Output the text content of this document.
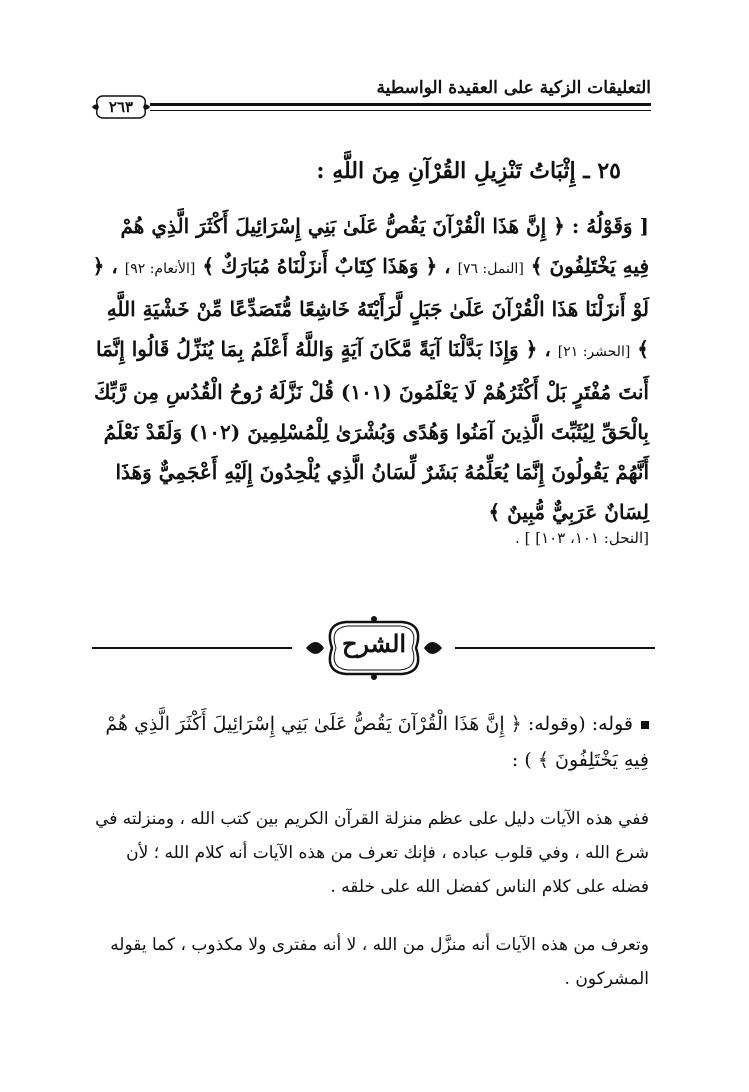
التعليقات الزكية على العقيدة الواسطية
٢٦٣
٢٥ ـ إِثْبَاتُ تَنْزِيلِ القُرْآنِ مِنَ اللَّهِ :
[ وَقَوْلُهُ : ﴿ إِنَّ هَذَا الْقُرْآنَ يَقُصُّ عَلَىٰ بَنِي إِسْرَائِيلَ أَكْثَرَ الَّذِي هُمْ فِيهِ يَخْتَلِفُونَ ﴾ [النمل: ٧٦] ، ﴿ وَهَذَا كِتَابٌ أَنزَلْنَاهُ مُبَارَكٌ ﴾ [الأنعام: ٩٢] ، ﴿ لَوْ أَنزَلْنَا هَذَا الْقُرْآنَ عَلَىٰ جَبَلٍ لَّرَأَيْتَهُ خَاشِعًا مُّتَصَدِّعًا مِّنْ خَشْيَةِ اللَّهِ ﴾ [الحشر: ٢١] ، ﴿ وَإِذَا بَدَّلْنَا آيَةً مَّكَانَ آيَةٍ وَاللَّهُ أَعْلَمُ بِمَا يُنَزِّلُ قَالُوا إِنَّمَا أَنتَ مُفْتَرٍ بَلْ أَكْثَرُهُمْ لَا يَعْلَمُونَ (١٠١) قُلْ نَزَّلَهُ رُوحُ الْقُدُسِ مِن رَّبِّكَ بِالْحَقِّ لِيُثَبِّتَ الَّذِينَ آمَنُوا وَهُدًى وَبُشْرَىٰ لِلْمُسْلِمِينَ (١٠٢) وَلَقَدْ نَعْلَمُ أَنَّهُمْ يَقُولُونَ إِنَّمَا يُعَلِّمُهُ بَشَرٌ لِّسَانُ الَّذِي يُلْحِدُونَ إِلَيْهِ أَعْجَمِيٌّ وَهَذَا لِسَانٌ عَرَبِيٌّ مُّبِينٌ ﴾
[النحل: ١٠١، ١٠٣] ] .
الشرح
قوله: (وقوله: ﴿ إِنَّ هَذَا الْقُرْآنَ يَقُصُّ عَلَىٰ بَنِي إِسْرَائِيلَ أَكْثَرَ الَّذِي هُمْ فِيهِ يَخْتَلِفُونَ ﴾ ) :
ففي هذه الآيات دليل على عظم منزلة القرآن الكريم بين كتب الله ، ومنزلته في شرع الله ، وفي قلوب عباده ، فإنك تعرف من هذه الآيات أنه كلام الله ؛ لأن فضله على كلام الناس كفضل الله على خلقه .
وتعرف من هذه الآيات أنه منزَّل من الله ، لا أنه مفترى ولا مكذوب ، كما يقوله المشركون .
